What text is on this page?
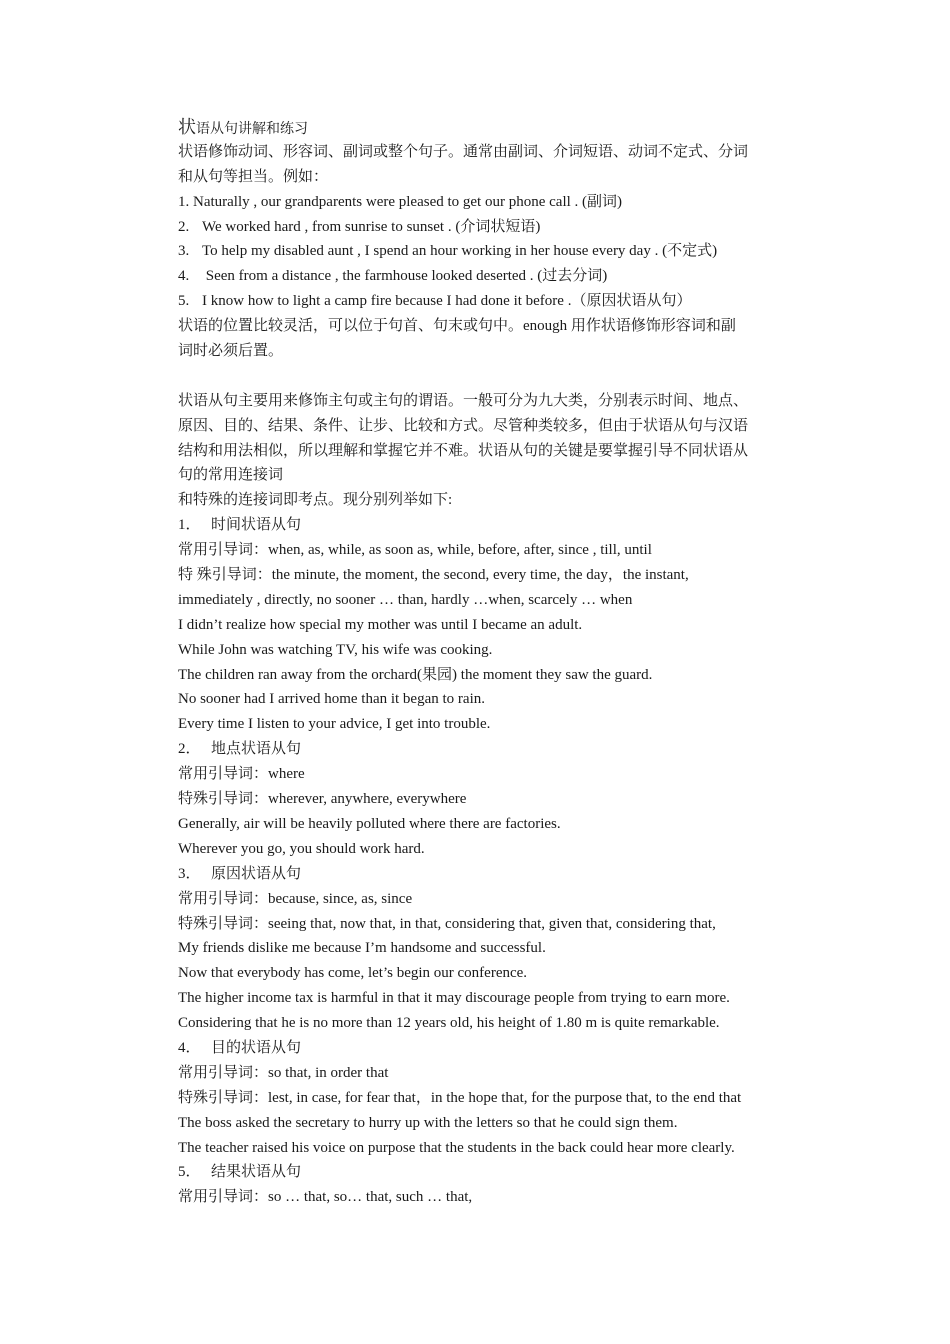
状语从句讲解和练习
状语修饰动词、形容词、副词或整个句子。通常由副词、介词短语、动词不定式、分词
和从句等担当。例如：
1. Naturally , our grandparents were pleased to get our phone call . (副词)
2. We worked hard , from sunrise to sunset . (介词状短语)
3. To help my disabled aunt , I spend an hour working in her house every day . (不定式)
4. Seen from a distance , the farmhouse looked deserted . (过去分词)
5. I know how to light a camp fire because I had done it before .（原因状语从句）
状语的位置比较灵活，可以位于句首、句末或句中。enough 用作状语修饰形容词和副
词时必须后置。
状语从句主要用来修饰主句或主句的谓语。一般可分为九大类，分别表示时间、地点、
原因、目的、结果、条件、让步、比较和方式。尽管种类较多，但由于状语从句与汉语
结构和用法相似，所以理解和掌握它并不难。状语从句的关键是要掌握引导不同状语从
句的常用连接词
和特殊的连接词即考点。现分别列举如下:
1． 时间状语从句
常用引导词：when, as, while, as soon as, while, before, after, since , till, until
特 殊引导词：the minute, the moment, the second, every time, the day，the instant,
immediately , directly, no sooner … than, hardly …when, scarcely … when
I didn’t realize how special my mother was until I became an adult.
While John was watching TV, his wife was cooking.
The children ran away from the orchard(果园) the moment they saw the guard.
No sooner had I arrived home than it began to rain.
Every time I listen to your advice, I get into trouble.
2． 地点状语从句
常用引导词：where
特殊引导词：wherever, anywhere, everywhere
Generally, air will be heavily polluted where there are factories.
Wherever you go, you should work hard.
3． 原因状语从句
常用引导词：because, since, as, since
特殊引导词：seeing that, now that, in that, considering that, given that, considering that,
My friends dislike me because I’m handsome and successful.
Now that everybody has come, let’s begin our conference.
The higher income tax is harmful in that it may discourage people from trying to earn more.
Considering that he is no more than 12 years old, his height of 1.80 m is quite remarkable.
4． 目的状语从句
常用引导词：so that, in order that
特殊引导词：lest, in case, for fear that，in the hope that, for the purpose that, to the end that
The boss asked the secretary to hurry up with the letters so that he could sign them.
The teacher raised his voice on purpose that the students in the back could hear more clearly.
5． 结果状语从句
常用引导词：so … that, so… that, such … that,
